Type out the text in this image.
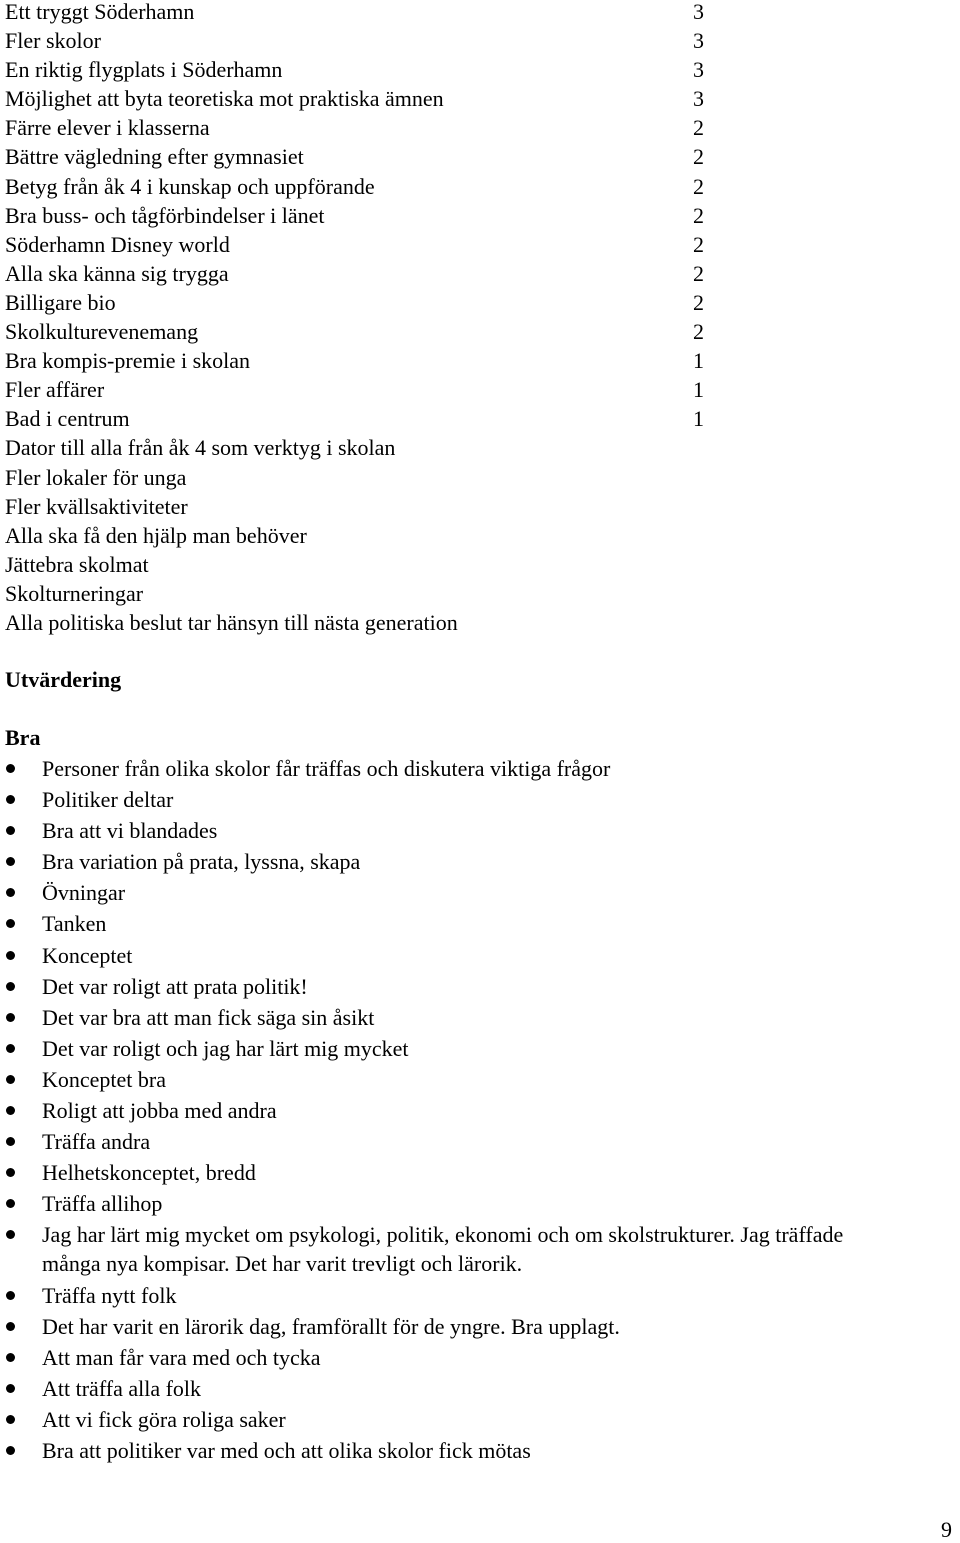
Ett tryggt Söderhamn	3
Fler skolor	3
En riktig flygplats i Söderhamn	3
Möjlighet att byta teoretiska mot praktiska ämnen	3
Färre elever i klasserna	2
Bättre vägledning efter gymnasiet	2
Betyg från åk 4 i kunskap och uppförande	2
Bra buss- och tågförbindelser i länet	2
Söderhamn Disney world	2
Alla ska känna sig trygga	2
Billigare bio	2
Skolkulturevenemang	2
Bra kompis-premie i skolan	1
Fler affärer	1
Bad i centrum	1
Dator till alla från åk 4 som verktyg i skolan
Fler lokaler för unga
Fler kvällsaktiviteter
Alla ska få den hjälp man behöver
Jättebra skolmat
Skolturneringar
Alla politiska beslut tar hänsyn till nästa generation
Utvärdering
Bra
Personer från olika skolor får träffas och diskutera viktiga frågor
Politiker deltar
Bra att vi blandades
Bra variation på prata, lyssna, skapa
Övningar
Tanken
Konceptet
Det var roligt att prata politik!
Det var bra att man fick säga sin åsikt
Det var roligt och jag har lärt mig mycket
Konceptet bra
Roligt att jobba med andra
Träffa andra
Helhetskonceptet, bredd
Träffa allihop
Jag har lärt mig mycket om psykologi, politik, ekonomi och om skolstrukturer. Jag träffade många nya kompisar. Det har varit trevligt och lärorik.
Träffa nytt folk
Det har varit en lärorik dag, framförallt för de yngre. Bra upplagt.
Att man får vara med och tycka
Att träffa alla folk
Att vi fick göra roliga saker
Bra att politiker var med och att olika skolor fick mötas
9
